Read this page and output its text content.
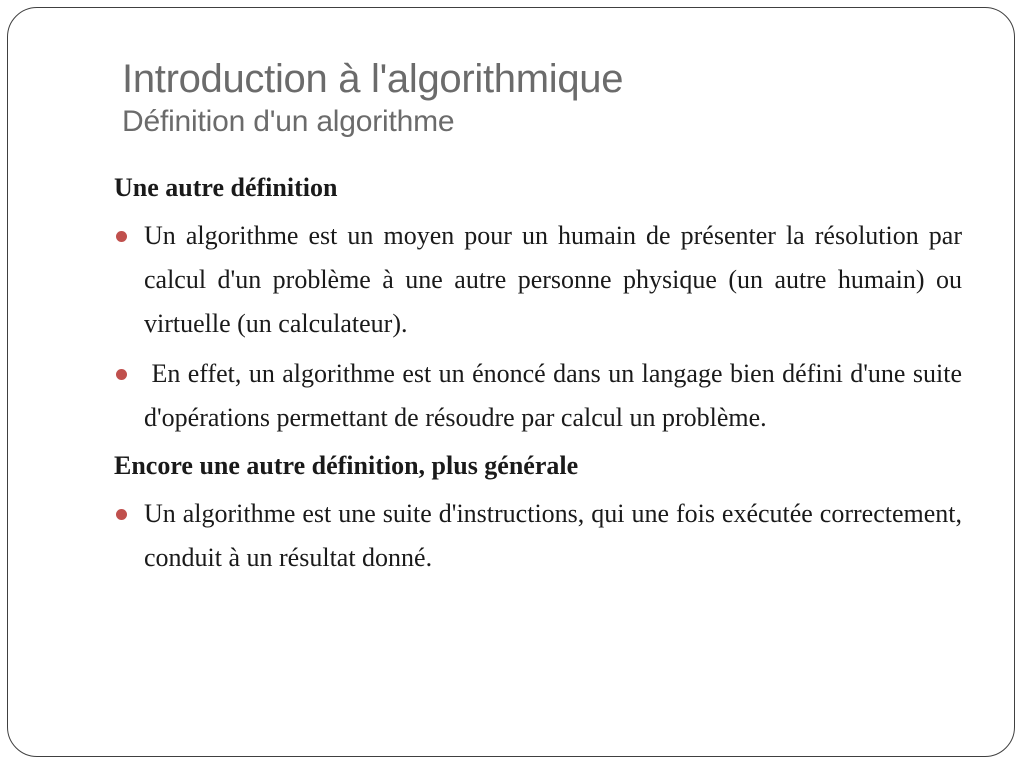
Introduction à l'algorithmique
Définition d'un algorithme
Une autre définition
Un algorithme est un moyen pour un humain de présenter la résolution par calcul d'un problème à une autre personne physique (un autre humain) ou virtuelle (un calculateur).
En effet, un algorithme est un énoncé dans un langage bien défini d'une suite d'opérations permettant de résoudre par calcul un problème.
Encore une autre définition, plus générale
Un algorithme est une suite d'instructions, qui une fois exécutée correctement, conduit à un résultat donné.
